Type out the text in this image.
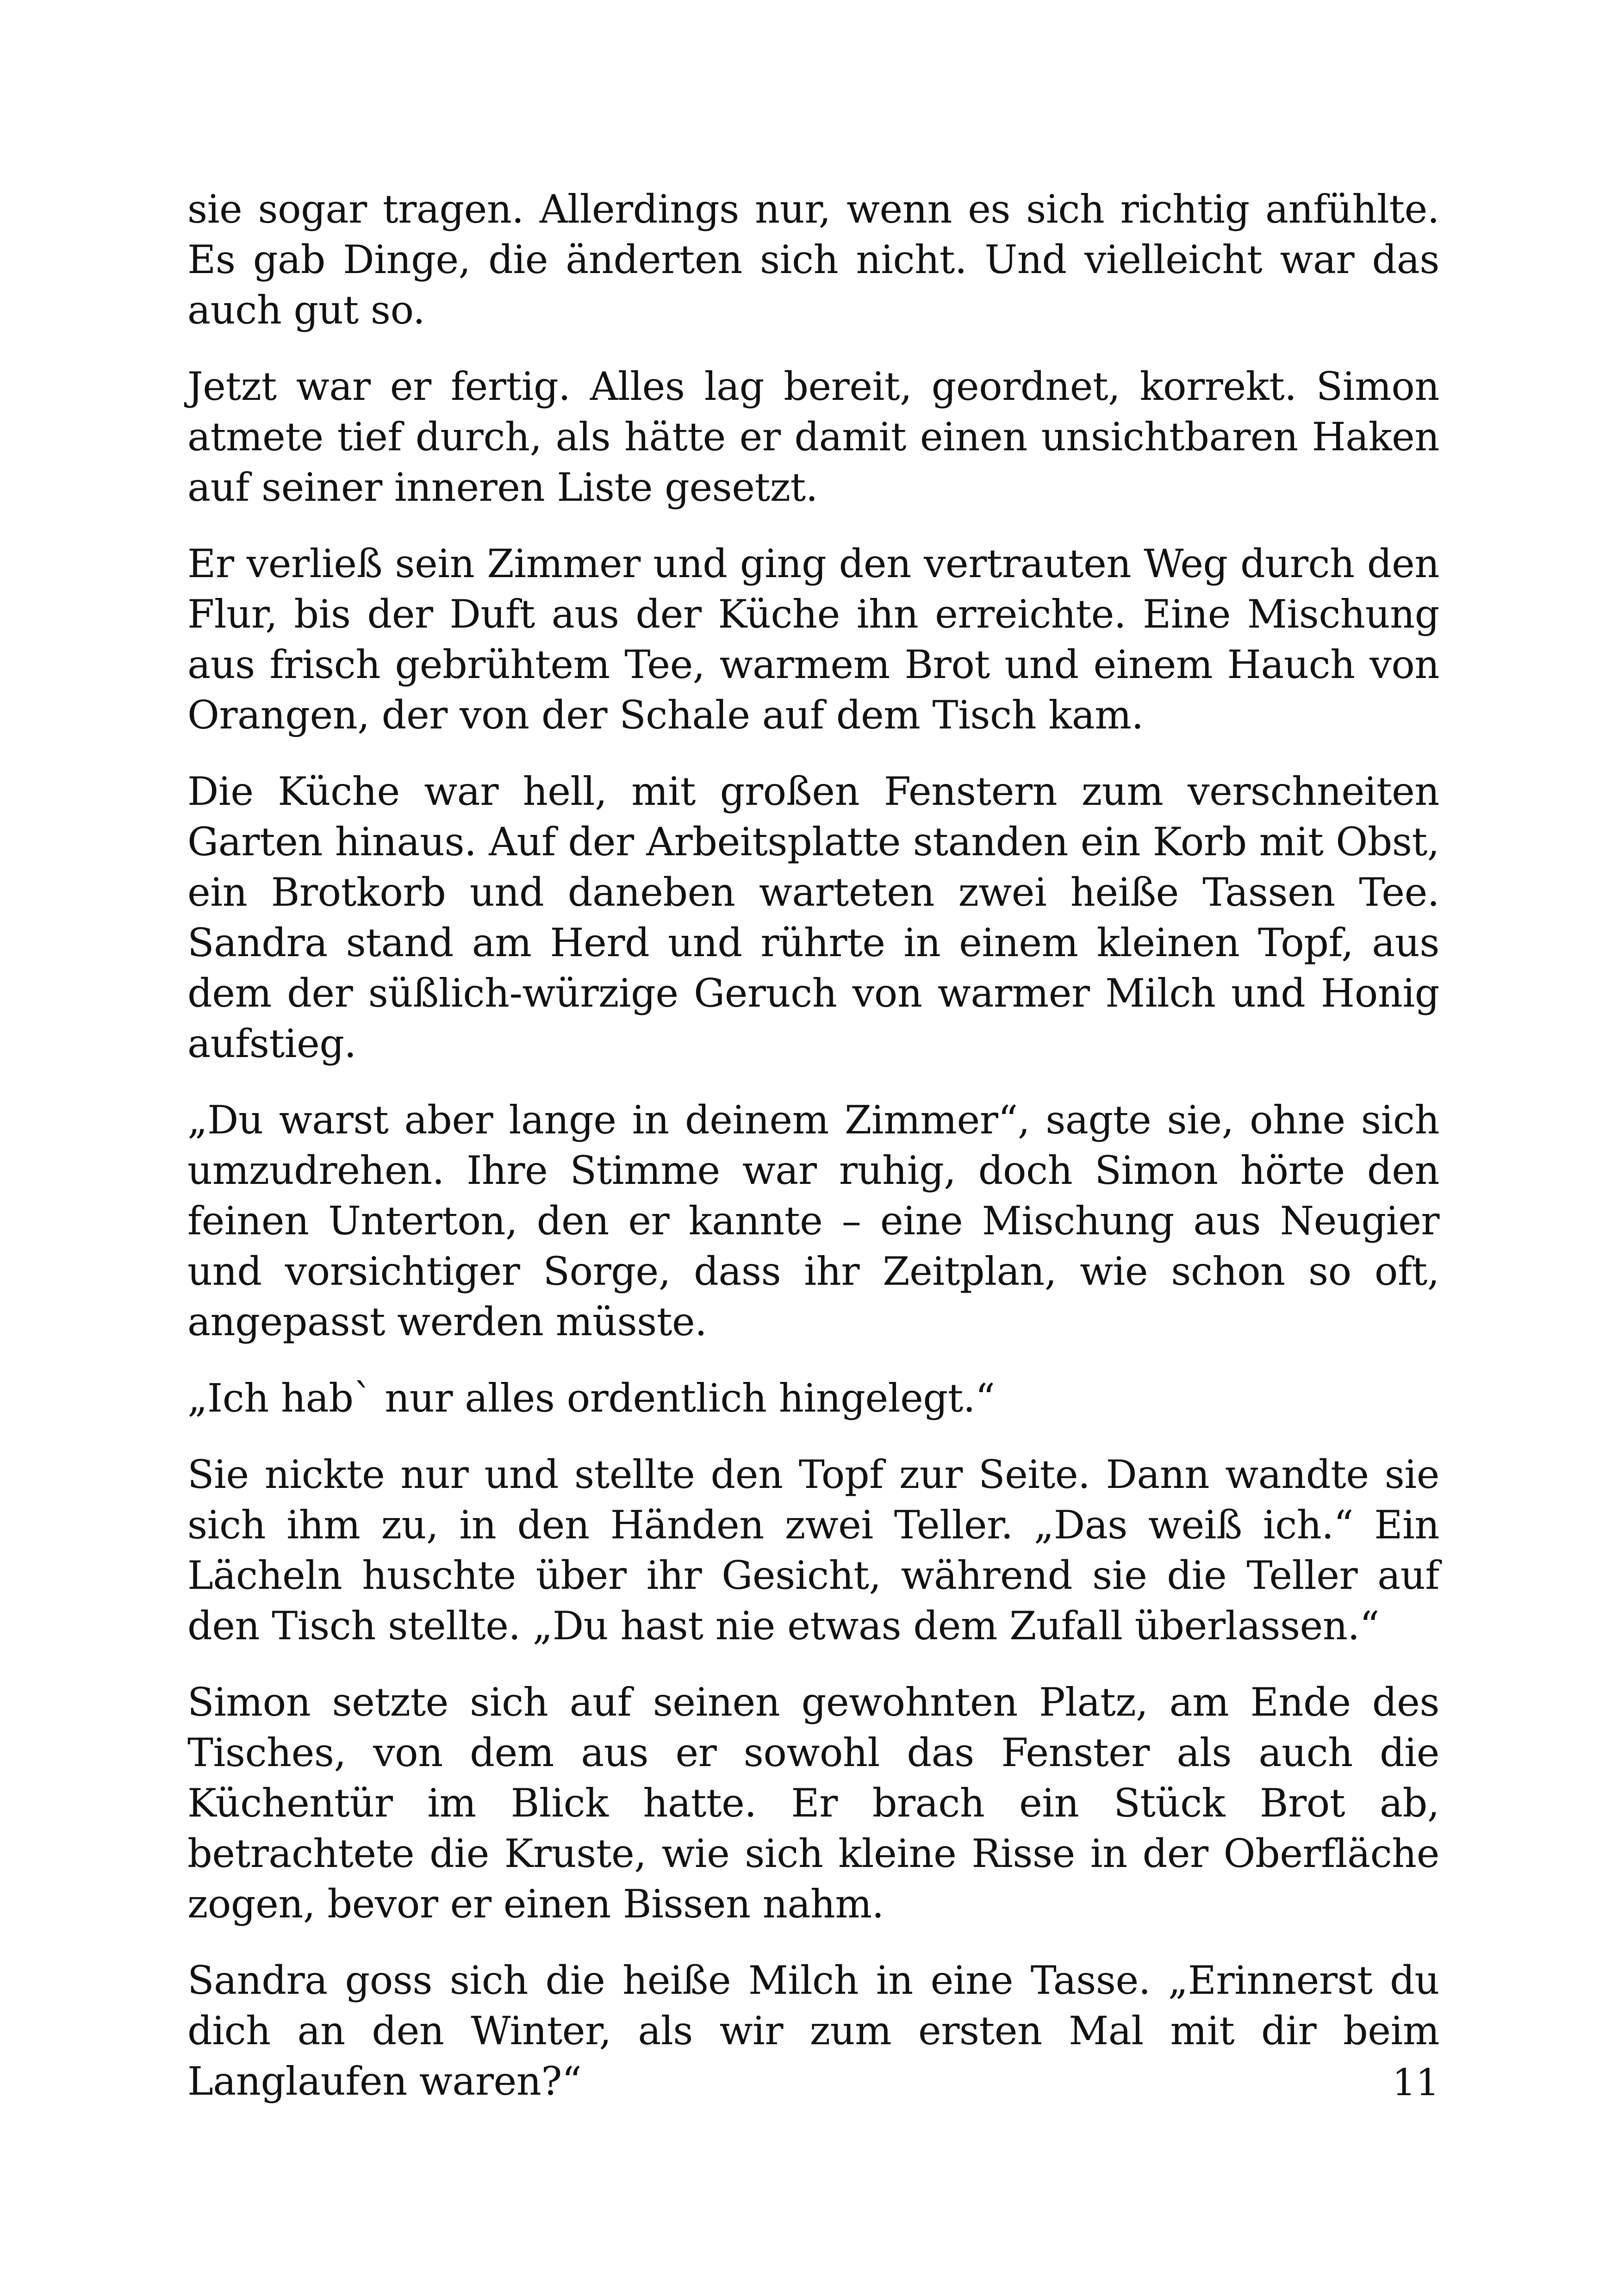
sie sogar tragen. Allerdings nur, wenn es sich richtig anfühlte. Es gab Dinge, die änderten sich nicht. Und vielleicht war das auch gut so.

Jetzt war er fertig. Alles lag bereit, geordnet, korrekt. Simon atmete tief durch, als hätte er damit einen unsichtbaren Haken auf seiner inneren Liste gesetzt.

Er verließ sein Zimmer und ging den vertrauten Weg durch den Flur, bis der Duft aus der Küche ihn erreichte. Eine Mischung aus frisch gebrühtem Tee, warmem Brot und einem Hauch von Orangen, der von der Schale auf dem Tisch kam.

Die Küche war hell, mit großen Fenstern zum verschneiten Garten hinaus. Auf der Arbeitsplatte standen ein Korb mit Obst, ein Brotkorb und daneben warteten zwei heiße Tassen Tee. Sandra stand am Herd und rührte in einem kleinen Topf, aus dem der süßlich-würzige Geruch von warmer Milch und Honig aufstieg.

„Du warst aber lange in deinem Zimmer“, sagte sie, ohne sich umzudrehen. Ihre Stimme war ruhig, doch Simon hörte den feinen Unterton, den er kannte – eine Mischung aus Neugier und vorsichtiger Sorge, dass ihr Zeitplan, wie schon so oft, angepasst werden müsste.

„Ich hab` nur alles ordentlich hingelegt.“

Sie nickte nur und stellte den Topf zur Seite. Dann wandte sie sich ihm zu, in den Händen zwei Teller. „Das weiß ich.“ Ein Lächeln huschte über ihr Gesicht, während sie die Teller auf den Tisch stellte. „Du hast nie etwas dem Zufall überlassen.“

Simon setzte sich auf seinen gewohnten Platz, am Ende des Tisches, von dem aus er sowohl das Fenster als auch die Küchentür im Blick hatte. Er brach ein Stück Brot ab, betrachtete die Kruste, wie sich kleine Risse in der Oberfläche zogen, bevor er einen Bissen nahm.

Sandra goss sich die heiße Milch in eine Tasse. „Erinnerst du dich an den Winter, als wir zum ersten Mal mit dir beim Langlaufen waren?“	11
